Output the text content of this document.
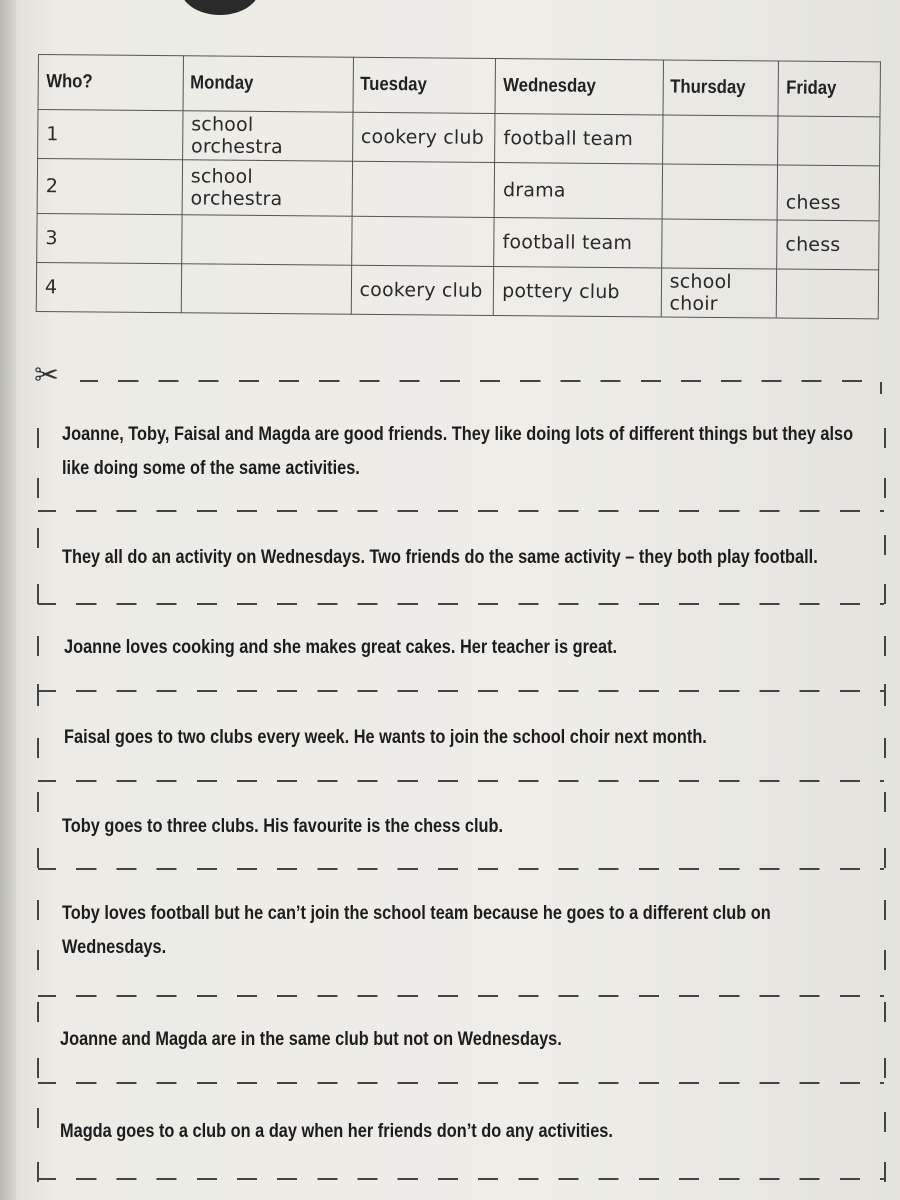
Who?	Monday	Tuesday	Wednesday	Thursday	Friday
1	school orchestra	cookery club	football team		
2	school orchestra		drama		chess
3			football team		chess
4		cookery club	pottery club	school choir	
✂
Joanne, Toby, Faisal and Magda are good friends. They like doing lots of different things but they also like doing some of the same activities.
They all do an activity on Wednesdays. Two friends do the same activity – they both play football.
Joanne loves cooking and she makes great cakes. Her teacher is great.
Faisal goes to two clubs every week. He wants to join the school choir next month.
Toby goes to three clubs. His favourite is the chess club.
Toby loves football but he can’t join the school team because he goes to a different club on Wednesdays.
Joanne and Magda are in the same club but not on Wednesdays.
Magda goes to a club on a day when her friends don’t do any activities.
